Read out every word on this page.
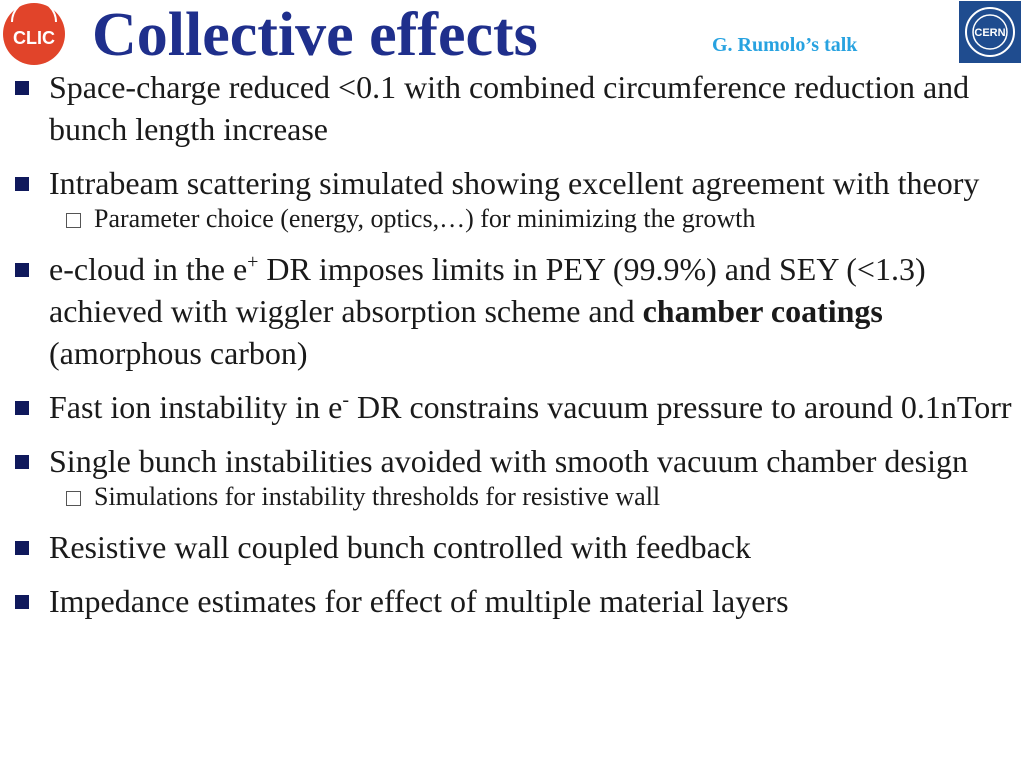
CLIC Collective effects	G. Rumolo’s talk
CERN
Space-charge reduced <0.1 with combined circumference reduction and bunch length increase
Intrabeam scattering simulated showing excellent agreement with theory
Parameter choice (energy, optics,…) for minimizing the growth
e-cloud in the e+ DR imposes limits in PEY (99.9%) and SEY (<1.3) achieved with wiggler absorption scheme and chamber coatings (amorphous carbon)
Fast ion instability in e- DR constrains vacuum pressure to around 0.1nTorr
Single bunch instabilities avoided with smooth vacuum chamber design
Simulations for instability thresholds for resistive wall
Resistive wall coupled bunch controlled with feedback
Impedance estimates for effect of multiple material layers
